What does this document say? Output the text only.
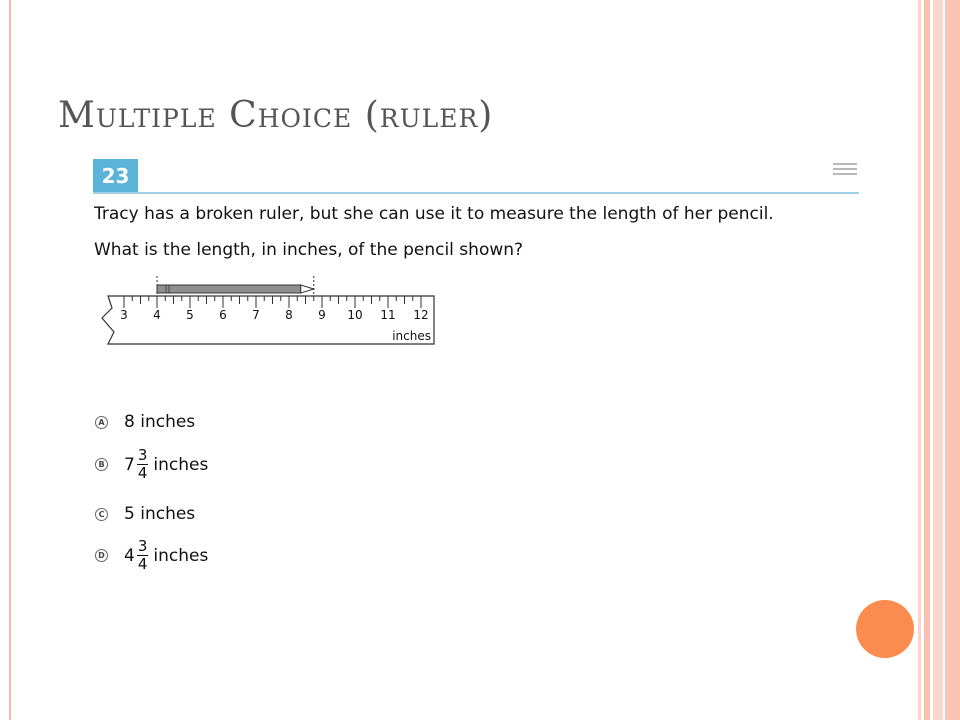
Multiple Choice (ruler)
23

Tracy has a broken ruler, but she can use it to measure the length of her pencil.

What is the length, in inches, of the pencil shown?

3 4 5 6 7 8 9 10 11 12
inches
A 8
inches
B $7 \frac{3}{4}$ inches
C 5
inches
D $4 \frac{3}{4}$ inches
